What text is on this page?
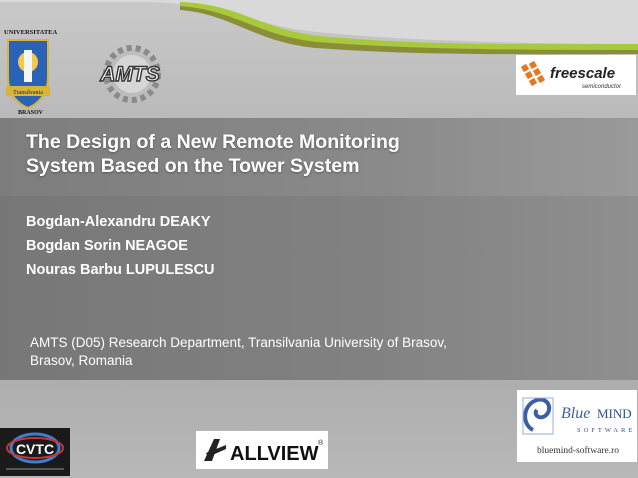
The Design of a New Remote Monitoring System Based on the Tower System
Bogdan-Alexandru DEAKY
Bogdan Sorin NEAGOE
Nouras Barbu LUPULESCU

AMTS (D05) Research Department, Transilvania University of Brasov, Brasov, Romania

UNIVERSITATEA
Transilvania
BRASOV
AMTS	freescale
semiconductor
Blue MIND
SOFTWARE
bluemind-software.ro
CVTC	ALLVIEW ®
